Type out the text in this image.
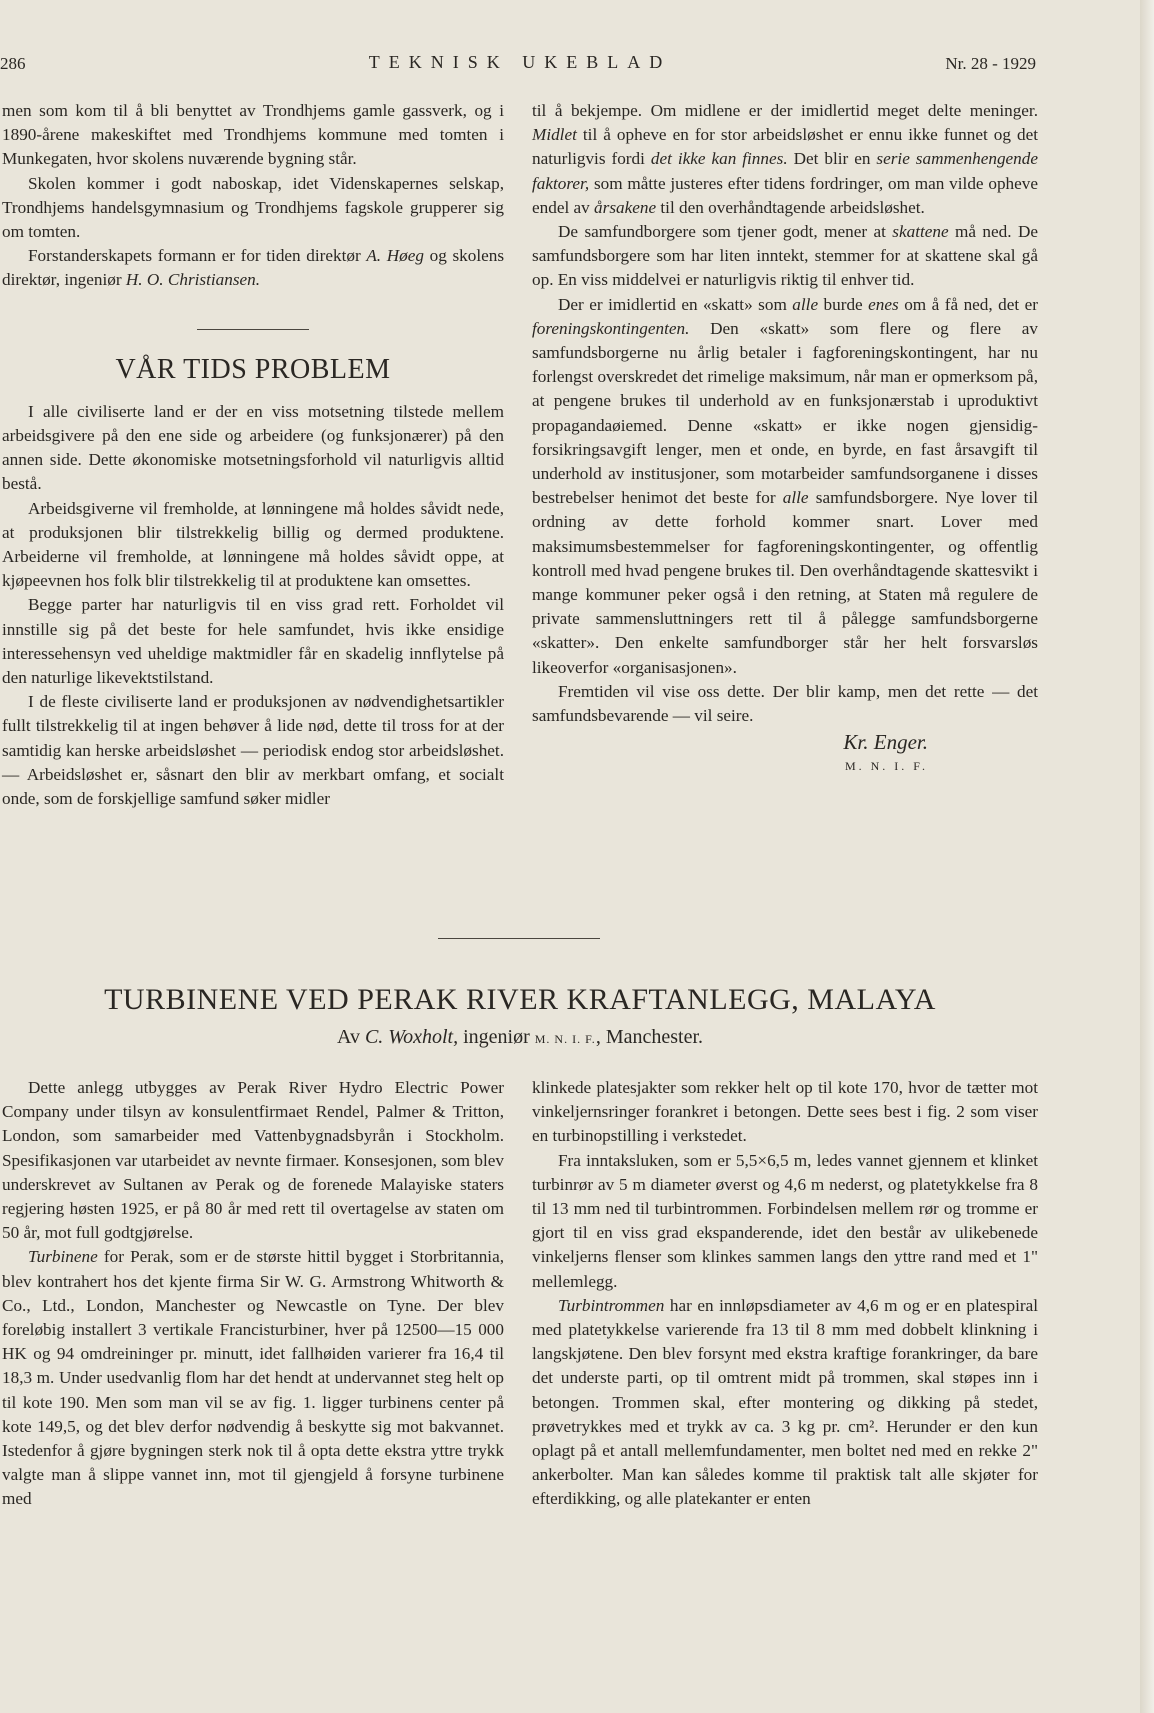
286	TEKNISK UKEBLAD	Nr. 28 - 1929

men som kom til å bli benyttet av Trondhjems gamle gassverk, og i 1890-årene makeskiftet med Trondhjems kommune med tomten i Munkegaten, hvor skolens nuværende bygning står.

Skolen kommer i godt naboskap, idet Videnskapernes selskap, Trondhjems handelsgymnasium og Trondhjems fagskole grupperer sig om tomten.

Forstanderskapets formann er for tiden direktør A. Høeg og skolens direktør, ingeniør H. O. Christiansen.

VÅR TIDS PROBLEM

I alle civiliserte land er der en viss motsetning tilstede mellem arbeidsgivere på den ene side og arbeidere (og funksjonærer) på den annen side. Dette økonomiske motsetningsforhold vil naturligvis alltid bestå.

Arbeidsgiverne vil fremholde, at lønningene må holdes såvidt nede, at produksjonen blir tilstrekkelig billig og dermed produktene. Arbeiderne vil fremholde, at lønningene må holdes såvidt oppe, at kjøpeevnen hos folk blir tilstrekkelig til at produktene kan omsettes.

Begge parter har naturligvis til en viss grad rett. Forholdet vil innstille sig på det beste for hele samfundet, hvis ikke ensidige interessehensyn ved uheldige maktmidler får en skadelig innflytelse på den naturlige likevektstilstand.

I de fleste civiliserte land er produksjonen av nødvendighetsartikler fullt tilstrekkelig til at ingen behøver å lide nød, dette til tross for at der samtidig kan herske arbeidsløshet — periodisk endog stor arbeidsløshet. — Arbeidsløshet er, såsnart den blir av merkbart omfang, et socialt onde, som de forskjellige samfund søker midler

til å bekjempe. Om midlene er der imidlertid meget delte meninger. Midlet til å opheve en for stor arbeidsløshet er ennu ikke funnet og det naturligvis fordi det ikke kan finnes. Det blir en serie sammenhengende faktorer, som måtte justeres efter tidens fordringer, om man vilde ophevе endel av årsakene til den overhåndtagende arbeidsløshet.

De samfundborgere som tjener godt, mener at skattene må ned. De samfundsborgere som har liten inntekt, stemmer for at skattene skal gå op. En viss middelvei er naturligvis riktig til enhver tid.

Der er imidlertid en «skatt» som alle burde enes om å få ned, det er foreningskontingenten. Den «skatt» som flere og flere av samfundsborgerne nu årlig betaler i fagforeningskontingent, har nu forlengst overskredet det rimelige maksimum, når man er opmerksom på, at pengene brukes til underhold av en funksjonærstab i uproduktivt propagandaøiemed. Denne «skatt» er ikke nogen gjensidig-forsikringsavgift lenger, men et onde, en byrde, en fast årsavgift til underhold av institusjoner, som motarbeider samfundsorganene i disses bestrebelser henimot det beste for alle samfundsborgere. Nye lover til ordning av dette forhold kommer snart. Lover med maksimumsbestemmelser for fagforeningskontingenter, og offentlig kontroll med hvad pengene brukes til. Den overhåndtagende skattesvikt i mange kommuner peker også i den retning, at Staten må regulere de private sammensluttningers rett til å pålegge samfundsborgerne «skatter». Den enkelte samfundborger står her helt forsvarsløs likeoverfor «organisasjonen».

Fremtiden vil vise oss dette. Der blir kamp, men det rette — det samfundsbevarende — vil seire.

Kr. Enger.
M. N. I. F.
TURBINENE VED PERAK RIVER KRAFTANLEGG, MALAYA
Av C. Woxholt, ingeniør M. N. I. F., Manchester.

Dette anlegg utbygges av Perak River Hydro Electric Power Company under tilsyn av konsulentfirmaet Rendel, Palmer & Tritton, London, som samarbeider med Vattenbygnadsbyrån i Stockholm. Spesifikasjonen var utarbeidet av nevnte firmaer. Konsesjonen, som blev underskrevet av Sultanen av Perak og de forenede Malayiske staters regjering høsten 1925, er på 80 år med rett til overtagelse av staten om 50 år, mot full godtgjørelse.

Turbinene for Perak, som er de største hittil bygget i Storbritannia, blev kontrahert hos det kjente firma Sir W. G. Armstrong Whitworth & Co., Ltd., London, Manchester og Newcastle on Tyne. Der blev foreløbig installert 3 vertikale Francisturbiner, hver på 12500—15 000 HK og 94 omdreininger pr. minutt, idet fallhøiden varierer fra 16,4 til 18,3 m. Under usedvanlig flom har det hendt at undervannet steg helt op til kote 190. Men som man vil se av fig. 1. ligger turbinens center på kote 149,5, og det blev derfor nødvendig å beskytte sig mot bakvannet. Istedenfor å gjøre bygningen sterk nok til å opta dette ekstra yttre trykk valgte man å slippe vannet inn, mot til gjengjeld å forsyne turbinene med

klinkede platesjakter som rekker helt op til kote 170, hvor de tætter mot vinkeljernsringer forankret i betongen. Dette sees best i fig. 2 som viser en turbinopstilling i verkstedet.

Fra inntaksluken, som er 5,5×6,5 m, ledes vannet gjennem et klinket turbinrør av 5 m diameter øverst og 4,6 m nederst, og platetykkelse fra 8 til 13 mm ned til turbintrommen. Forbindelsen mellem rør og tromme er gjort til en viss grad ekspanderende, idet den består av ulikebenede vinkeljerns flenser som klinkes sammen langs den yttre rand med et 1" mellemlegg.

Turbintrommen har en innløpsdiameter av 4,6 m og er en platespiral med platetykkelse varierende fra 13 til 8 mm med dobbelt klinkning i langskjøtene. Den blev forsynt med ekstra kraftige forankringer, da bare det underste parti, op til omtrent midt på trommen, skal støpes inn i betongen. Trommen skal, efter montering og dikking på stedet, prøvetrykkes med et trykk av ca. 3 kg pr. cm². Herunder er den kun oplagt på et antall mellemfundamenter, men boltet ned med en rekke 2" ankerbolter. Man kan således komme til praktisk talt alle skjøter for efterdikking, og alle platekanter er enten
